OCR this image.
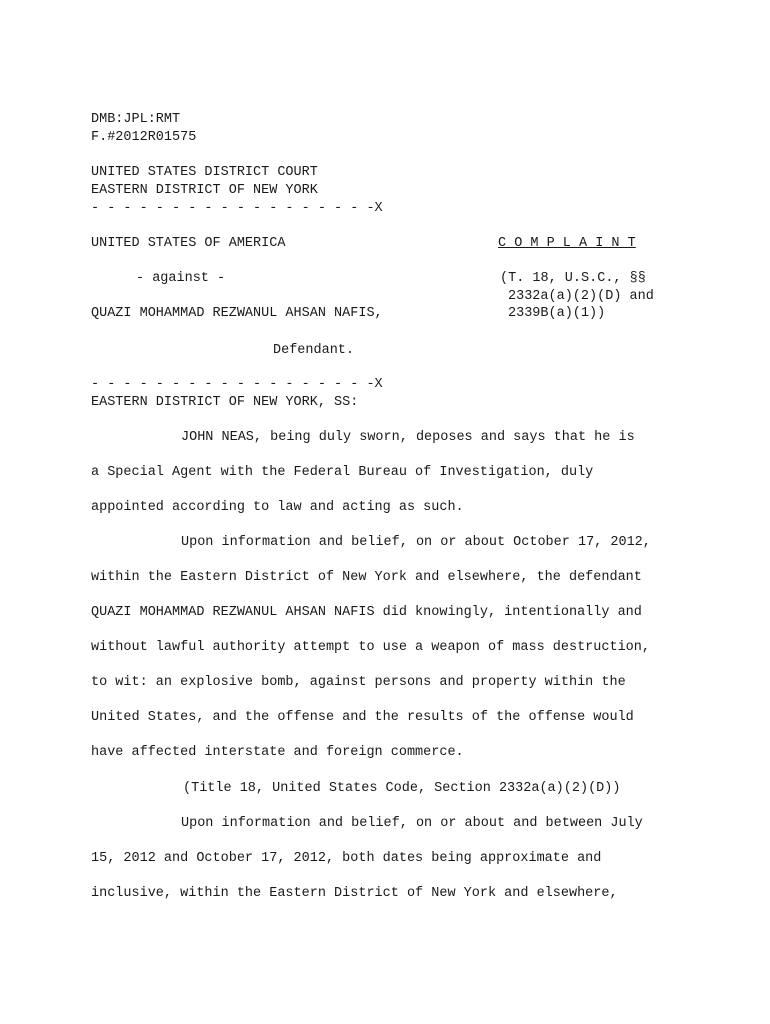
DMB:JPL:RMT
F.#2012R01575
UNITED STATES DISTRICT COURT
EASTERN DISTRICT OF NEW YORK
- - - - - - - - - - - - - - - - - -X
UNITED STATES OF AMERICA	C O M P L A I N T
- against -	(T. 18, U.S.C., §§
2332a(a)(2)(D) and
QUAZI MOHAMMAD REZWANUL AHSAN NAFIS,	2339B(a)(1))
Defendant.
- - - - - - - - - - - - - - - - - -X
EASTERN DISTRICT OF NEW YORK, SS:
JOHN NEAS, being duly sworn, deposes and says that he is
a Special Agent with the Federal Bureau of Investigation, duly
appointed according to law and acting as such.
Upon information and belief, on or about October 17, 2012,
within the Eastern District of New York and elsewhere, the defendant
QUAZI MOHAMMAD REZWANUL AHSAN NAFIS did knowingly, intentionally and
without lawful authority attempt to use a weapon of mass destruction,
to wit: an explosive bomb, against persons and property within the
United States, and the offense and the results of the offense would
have affected interstate and foreign commerce.
(Title 18, United States Code, Section 2332a(a)(2)(D))
Upon information and belief, on or about and between July
15, 2012 and October 17, 2012, both dates being approximate and
inclusive, within the Eastern District of New York and elsewhere,
